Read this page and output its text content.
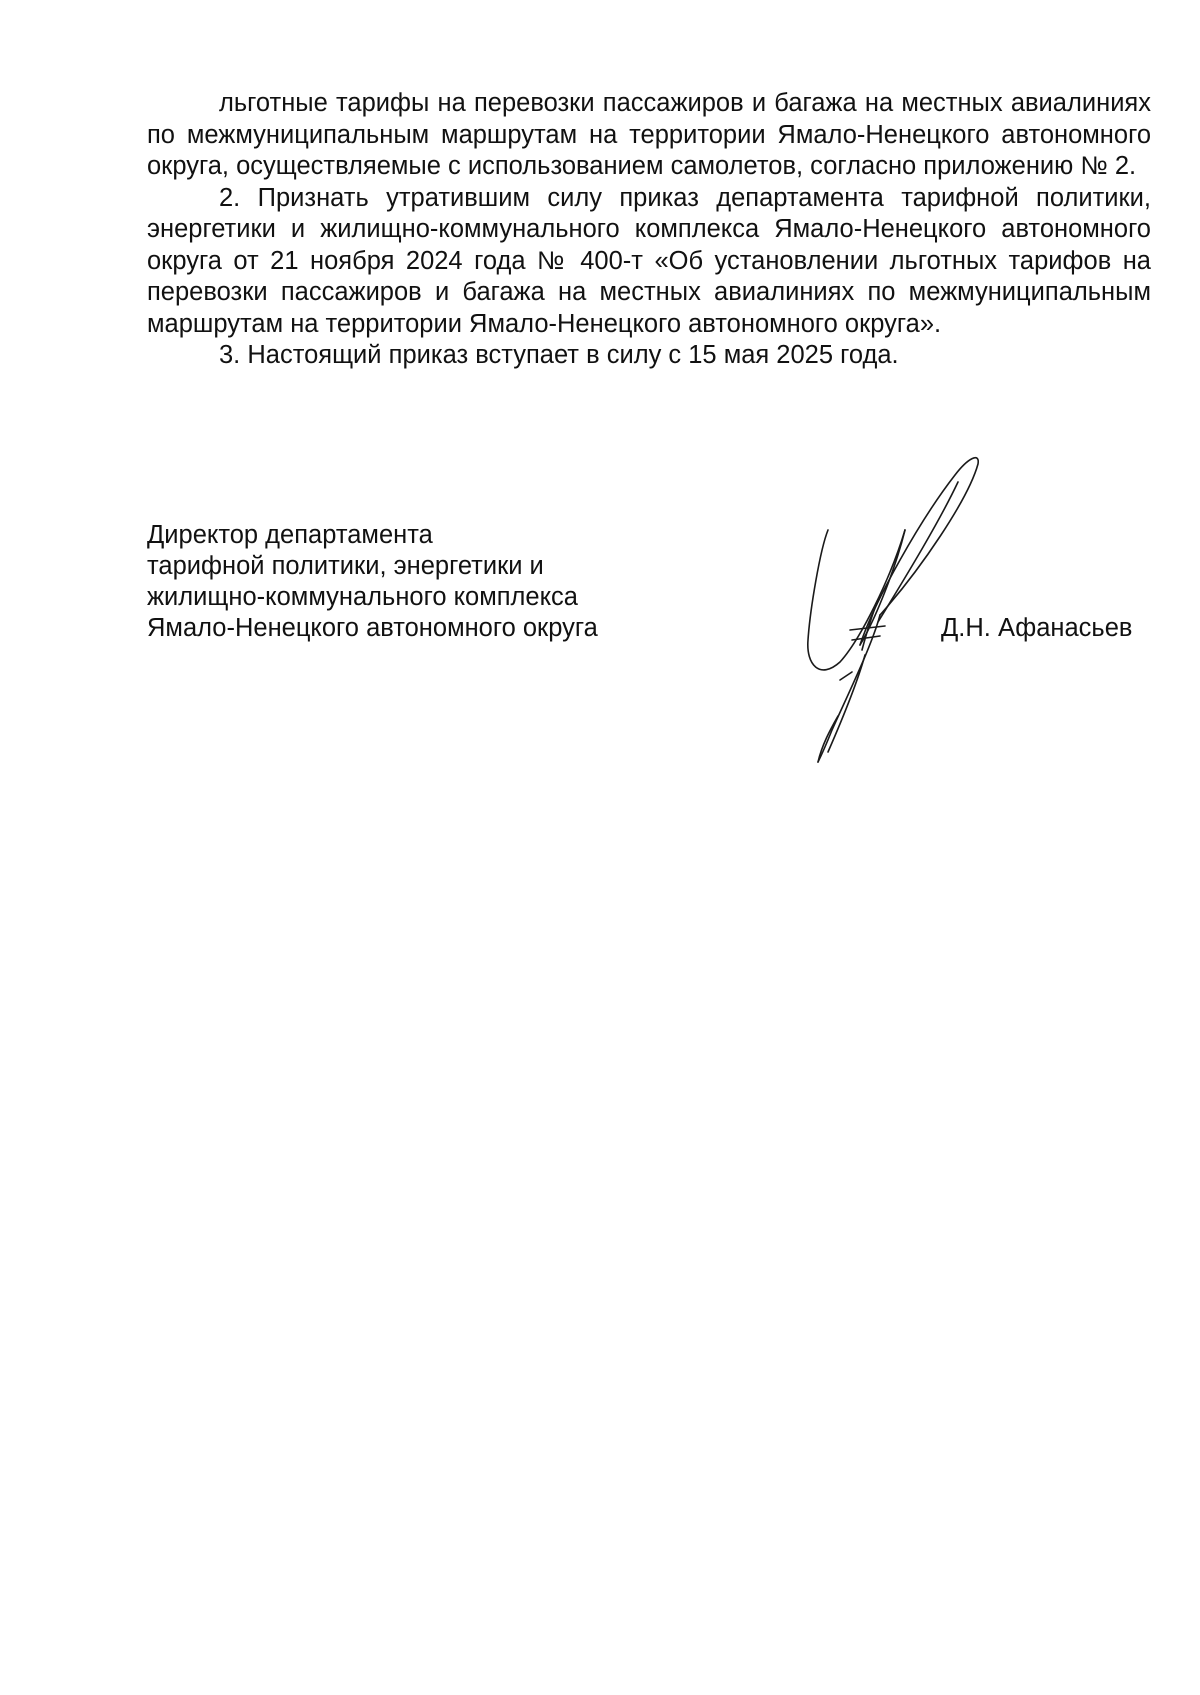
льготные тарифы на перевозки пассажиров и багажа на местных авиалиниях по межмуниципальным маршрутам на территории Ямало-Ненецкого автономного округа, осуществляемые с использованием самолетов, согласно приложению № 2.

2. Признать утратившим силу приказ департамента тарифной политики, энергетики и жилищно-коммунального комплекса Ямало-Ненецкого автономного округа от 21 ноября 2024 года № 400-т «Об установлении льготных тарифов на перевозки пассажиров и багажа на местных авиалиниях по межмуниципальным маршрутам на территории Ямало-Ненецкого автономного округа».

3. Настоящий приказ вступает в силу с 15 мая 2025 года.

Директор департамента
тарифной политики, энергетики и
жилищно-коммунального комплекса
Ямало-Ненецкого автономного округа	Д.Н. Афанасьев
